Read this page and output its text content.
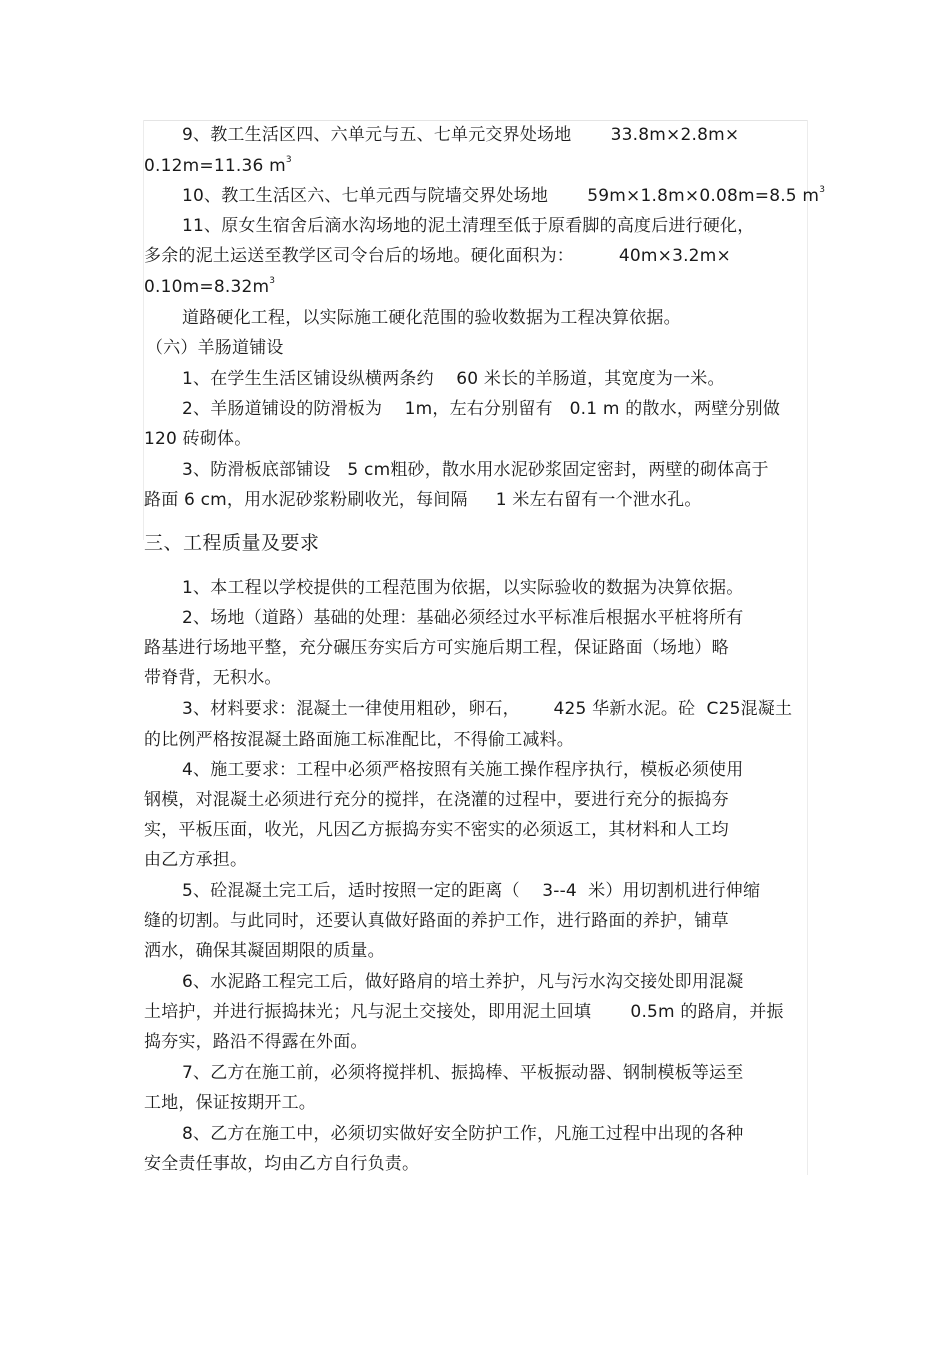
9、教工生活区四、六单元与五、七单元交界处场地       33.8m×2.8m×
0.12m=11.36 $m^3$
10、教工生活区六、七单元西与院墙交界处场地       59m×1.8m×0.08m=8.5 $m^3$
11、原女生宿舍后滴水沟场地的泥土清理至低于原看脚的高度后进行硬化，
多余的泥土运送至教学区司令台后的场地。硬化面积为：        40m×3.2m×
$0.10m=8.32m^3$
道路硬化工程，以实际施工硬化范围的验收数据为工程决算依据。
（六）羊肠道铺设
1、在学生生活区铺设纵横两条约    60 米长的羊肠道，其宽度为一米。
2、羊肠道铺设的防滑板为    1m，左右分别留有   0.1 m 的散水，两壁分别做
120 砖砌体。
3、防滑板底部铺设   5 cm粗砂，散水用水泥砂浆固定密封，两壁的砌体高于
路面 6 cm，用水泥砂浆粉刷收光，每间隔     1 米左右留有一个泄水孔。
三、工程质量及要求
1、本工程以学校提供的工程范围为依据，以实际验收的数据为决算依据。
2、场地（道路）基础的处理：基础必须经过水平标准后根据水平桩将所有
路基进行场地平整，充分碾压夯实后方可实施后期工程，保证路面（场地）略
带脊背，无积水。
3、材料要求：混凝土一律使用粗砂，卵石，      425 华新水泥。砼  C25混凝土
的比例严格按混凝土路面施工标准配比，不得偷工减料。
4、施工要求：工程中必须严格按照有关施工操作程序执行，模板必须使用
钢模，对混凝土必须进行充分的搅拌，在浇灌的过程中，要进行充分的振捣夯
实，平板压面，收光，凡因乙方振捣夯实不密实的必须返工，其材料和人工均
由乙方承担。
5、砼混凝土完工后，适时按照一定的距离（    3--4  米）用切割机进行伸缩
缝的切割。与此同时，还要认真做好路面的养护工作，进行路面的养护，铺草
洒水，确保其凝固期限的质量。
6、水泥路工程完工后，做好路肩的培土养护，凡与污水沟交接处即用混凝
土培护，并进行振捣抹光；凡与泥土交接处，即用泥土回填       0.5m 的路肩，并振
捣夯实，路沿不得露在外面。
7、乙方在施工前，必须将搅拌机、振捣棒、平板振动器、钢制模板等运至
工地，保证按期开工。
8、乙方在施工中，必须切实做好安全防护工作，凡施工过程中出现的各种
安全责任事故，均由乙方自行负责。
